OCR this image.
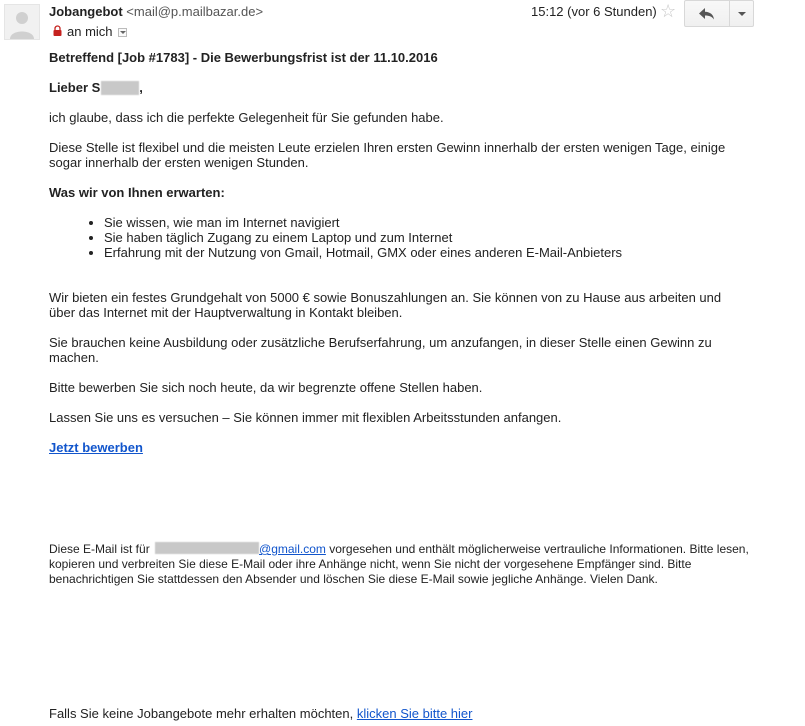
Jobangebot <mail@p.mailbazar.de>
an mich
15:12 (vor 6 Stunden) ☆

Betreffend [Job #1783] - Die Bewerbungsfrist ist der 11.10.2016

Lieber S	,

ich glaube, dass ich die perfekte Gelegenheit für Sie gefunden habe.

Diese Stelle ist flexibel und die meisten Leute erzielen Ihren ersten Gewinn innerhalb der ersten wenigen Tage, einige sogar innerhalb der ersten wenigen Stunden.

Was wir von Ihnen erwarten:

• Sie wissen, wie man im Internet navigiert
• Sie haben täglich Zugang zu einem Laptop und zum Internet
• Erfahrung mit der Nutzung von Gmail, Hotmail, GMX oder eines anderen E-Mail-Anbieters

Wir bieten ein festes Grundgehalt von 5000 € sowie Bonuszahlungen an. Sie können von zu Hause aus arbeiten und über das Internet mit der Hauptverwaltung in Kontakt bleiben.

Sie brauchen keine Ausbildung oder zusätzliche Berufserfahrung, um anzufangen, in dieser Stelle einen Gewinn zu machen.

Bitte bewerben Sie sich noch heute, da wir begrenzte offene Stellen haben.

Lassen Sie uns es versuchen – Sie können immer mit flexiblen Arbeitsstunden anfangen.

Jetzt bewerben
Diese E-Mail ist für	@gmail.com vorgesehen und enthält möglicherweise vertrauliche Informationen. Bitte lesen, kopieren und verbreiten Sie diese E-Mail oder ihre Anhänge nicht, wenn Sie nicht der vorgesehene Empfänger sind. Bitte benachrichtigen Sie stattdessen den Absender und löschen Sie diese E-Mail sowie jegliche Anhänge. Vielen Dank.
Falls Sie keine Jobangebote mehr erhalten möchten, klicken Sie bitte hier
